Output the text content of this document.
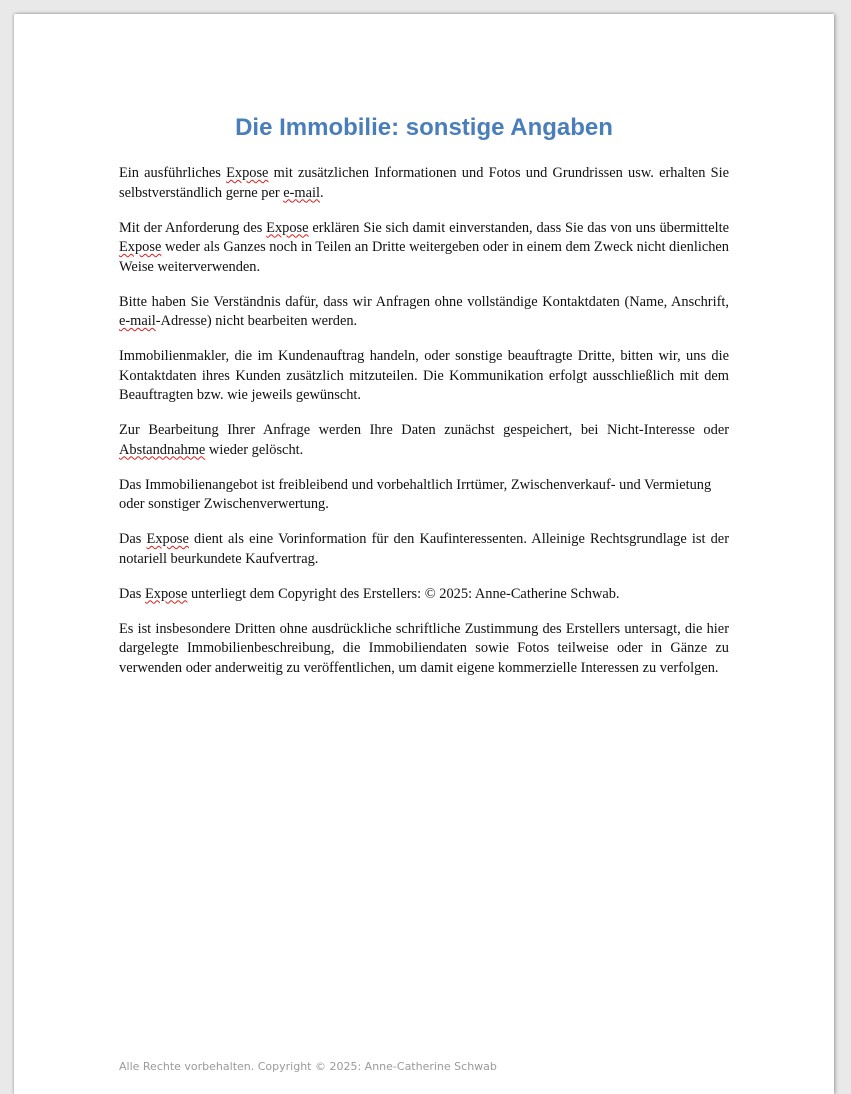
Die Immobilie: sonstige Angaben

Ein ausführliches Expose mit zusätzlichen Informationen und Fotos und Grundrissen usw. erhalten Sie selbstverständlich gerne per e-mail.

Mit der Anforderung des Expose erklären Sie sich damit einverstanden, dass Sie das von uns übermittelte Expose weder als Ganzes noch in Teilen an Dritte weitergeben oder in einem dem Zweck nicht dienlichen Weise weiterverwenden.

Bitte haben Sie Verständnis dafür, dass wir Anfragen ohne vollständige Kontaktdaten (Name, Anschrift, e-mail-Adresse) nicht bearbeiten werden.

Immobilienmakler, die im Kundenauftrag handeln, oder sonstige beauftragte Dritte, bitten wir, uns die Kontaktdaten ihres Kunden zusätzlich mitzuteilen. Die Kommunikation erfolgt ausschließlich mit dem Beauftragten bzw. wie jeweils gewünscht.

Zur Bearbeitung Ihrer Anfrage werden Ihre Daten zunächst gespeichert, bei Nicht-Interesse oder Abstandnahme wieder gelöscht.

Das Immobilienangebot ist freibleibend und vorbehaltlich Irrtümer, Zwischenverkauf- und Vermietung oder sonstiger Zwischenverwertung.

Das Expose dient als eine Vorinformation für den Kaufinteressenten. Alleinige Rechtsgrundlage ist der notariell beurkundete Kaufvertrag.

Das Expose unterliegt dem Copyright des Erstellers: © 2025: Anne-Catherine Schwab.

Es ist insbesondere Dritten ohne ausdrückliche schriftliche Zustimmung des Erstellers untersagt, die hier dargelegte Immobilienbeschreibung, die Immobiliendaten sowie Fotos teilweise oder in Gänze zu verwenden oder anderweitig zu veröffentlichen, um damit eigene kommerzielle Interessen zu verfolgen.

Alle Rechte vorbehalten. Copyright © 2025: Anne-Catherine Schwab
